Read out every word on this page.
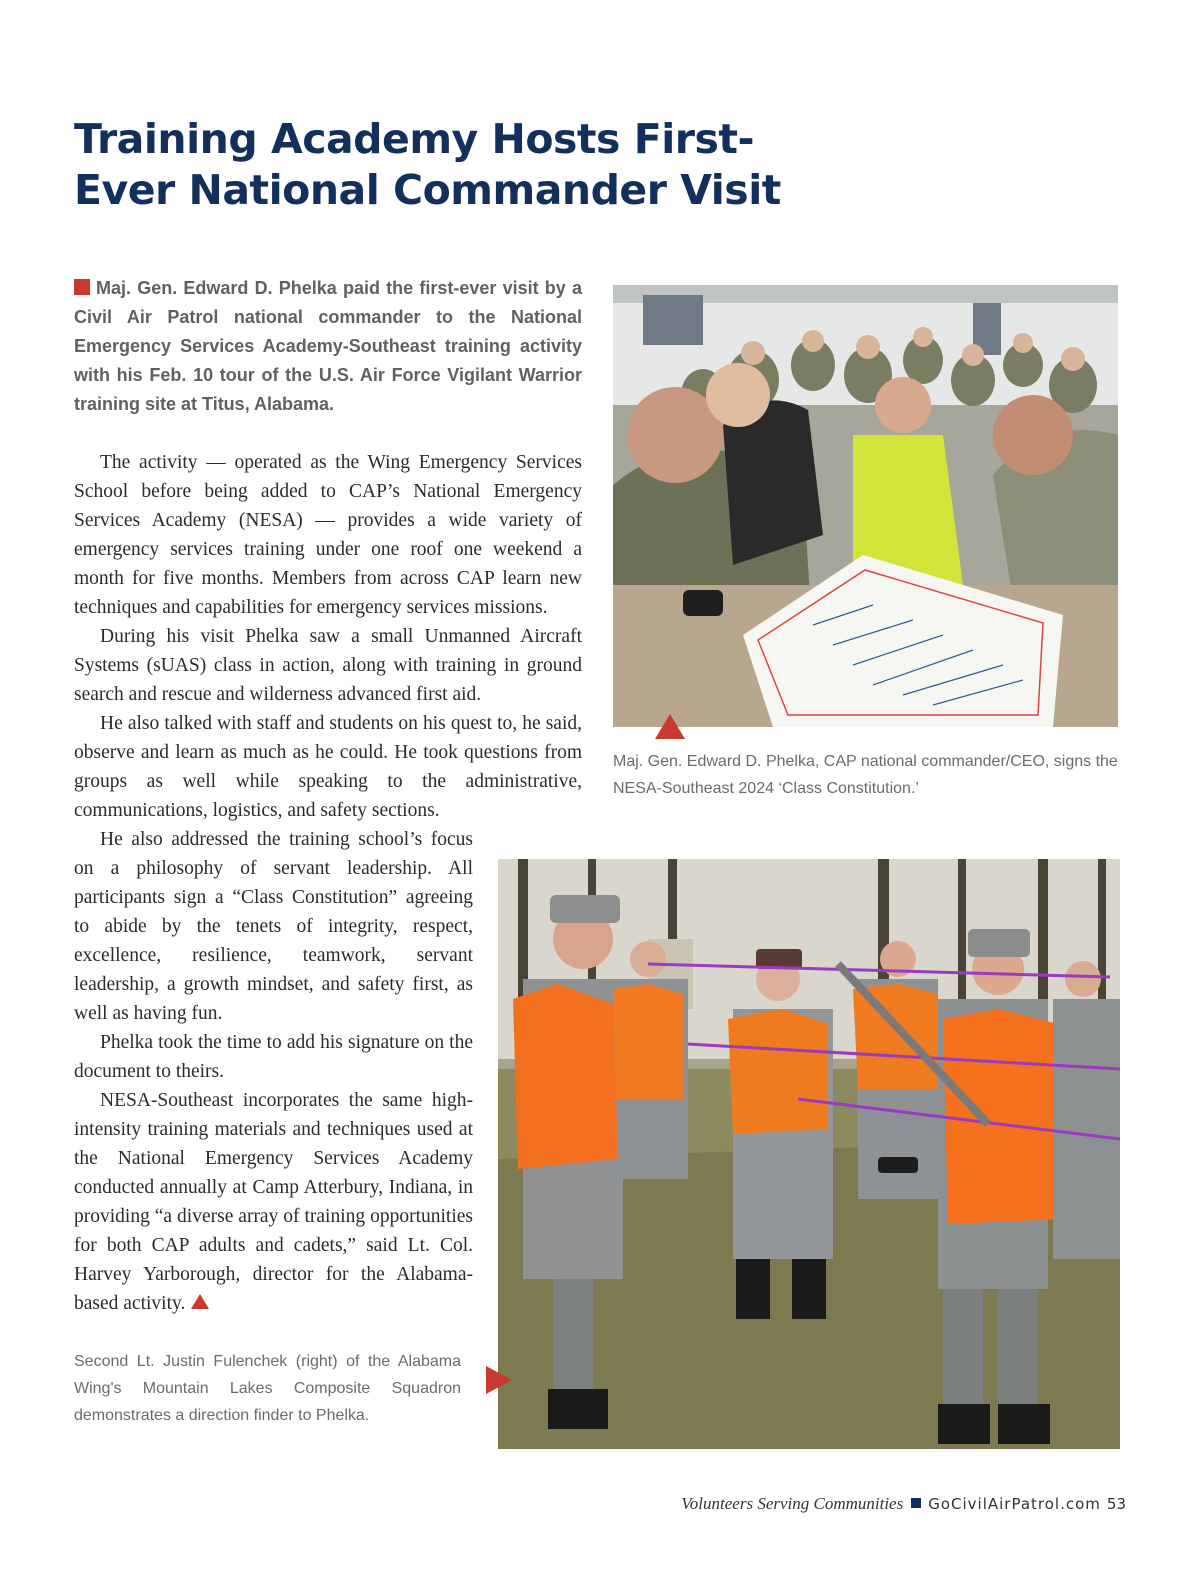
Training Academy Hosts First-Ever National Commander Visit

Maj. Gen. Edward D. Phelka paid the first-ever visit by a Civil Air Patrol national commander to the National Emergency Services Academy-Southeast training activity with his Feb. 10 tour of the U.S. Air Force Vigilant Warrior training site at Titus, Alabama.

The activity — operated as the Wing Emergency Services School before being added to CAP’s National Emergency Services Academy (NESA) — provides a wide variety of emergency services training under one roof one weekend a month for five months. Members from across CAP learn new techniques and capabilities for emergency services missions.

During his visit Phelka saw a small Unmanned Aircraft Systems (sUAS) class in action, along with training in ground search and rescue and wilderness advanced first aid.

He also talked with staff and students on his quest to, he said, observe and learn as much as he could. He took questions from groups as well while speaking to the administrative, communications, logistics, and safety sections.

He also addressed the training school’s focus on a philosophy of servant leadership. All participants sign a “Class Constitution” agreeing to abide by the tenets of integrity, respect, excellence, resilience, teamwork, servant leadership, a growth mindset, and safety first, as well as having fun.

Phelka took the time to add his signature on the document to theirs.

NESA-Southeast incorporates the same high-intensity training materials and techniques used at the National Emergency Services Academy conducted annually at Camp Atterbury, Indiana, in providing “a diverse array of training opportunities for both CAP adults and cadets,” said Lt. Col. Harvey Yarborough, director for the Alabama-based activity.

Maj. Gen. Edward D. Phelka, CAP national commander/CEO, signs the NESA-Southeast 2024 ‘Class Constitution.’

Second Lt. Justin Fulenchek (right) of the Alabama Wing's Mountain Lakes Composite Squadron demonstrates a direction finder to Phelka.

Volunteers Serving Communities GoCivilAirPatrol.com 53
